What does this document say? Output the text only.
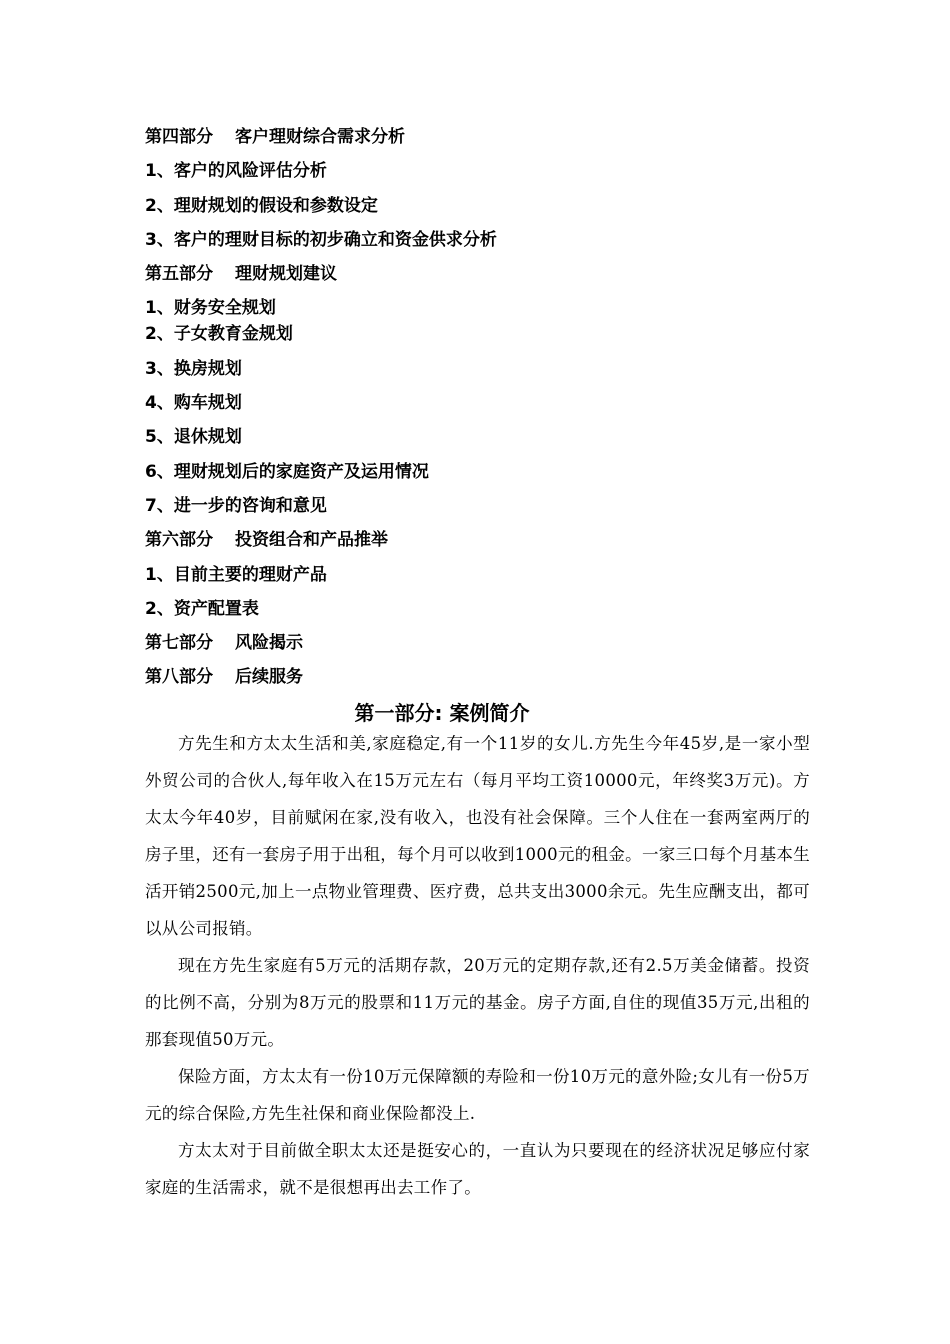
第四部分 客户理财综合需求分析
1、客户的风险评估分析
2、理财规划的假设和参数设定
3、客户的理财目标的初步确立和资金供求分析
第五部分 理财规划建议
1、财务安全规划
2、子女教育金规划
3、换房规划
4、购车规划
5、退休规划
6、理财规划后的家庭资产及运用情况
7、进一步的咨询和意见
第六部分 投资组合和产品推举
1、目前主要的理财产品
2、资产配置表
第七部分 风险揭示
第八部分 后续服务
第一部分: 案例简介

方先生和方太太生活和美,家庭稳定,有一个11岁的女儿.方先生今年45岁,是一家小型外贸公司的合伙人,每年收入在15万元左右（每月平均工资10000元，年终奖3万元)。方太太今年40岁，目前赋闲在家,没有收入，也没有社会保障。三个人住在一套两室两厅的房子里，还有一套房子用于出租，每个月可以收到1000元的租金。一家三口每个月基本生活开销2500元,加上一点物业管理费、医疗费，总共支出3000余元。先生应酬支出，都可以从公司报销。

现在方先生家庭有5万元的活期存款，20万元的定期存款,还有2.5万美金储蓄。投资的比例不高，分别为8万元的股票和11万元的基金。房子方面,自住的现值35万元,出租的那套现值50万元。

保险方面，方太太有一份10万元保障额的寿险和一份10万元的意外险;女儿有一份5万元的综合保险,方先生社保和商业保险都没上.

方太太对于目前做全职太太还是挺安心的，一直认为只要现在的经济状况足够应付家家庭的生活需求，就不是很想再出去工作了。
